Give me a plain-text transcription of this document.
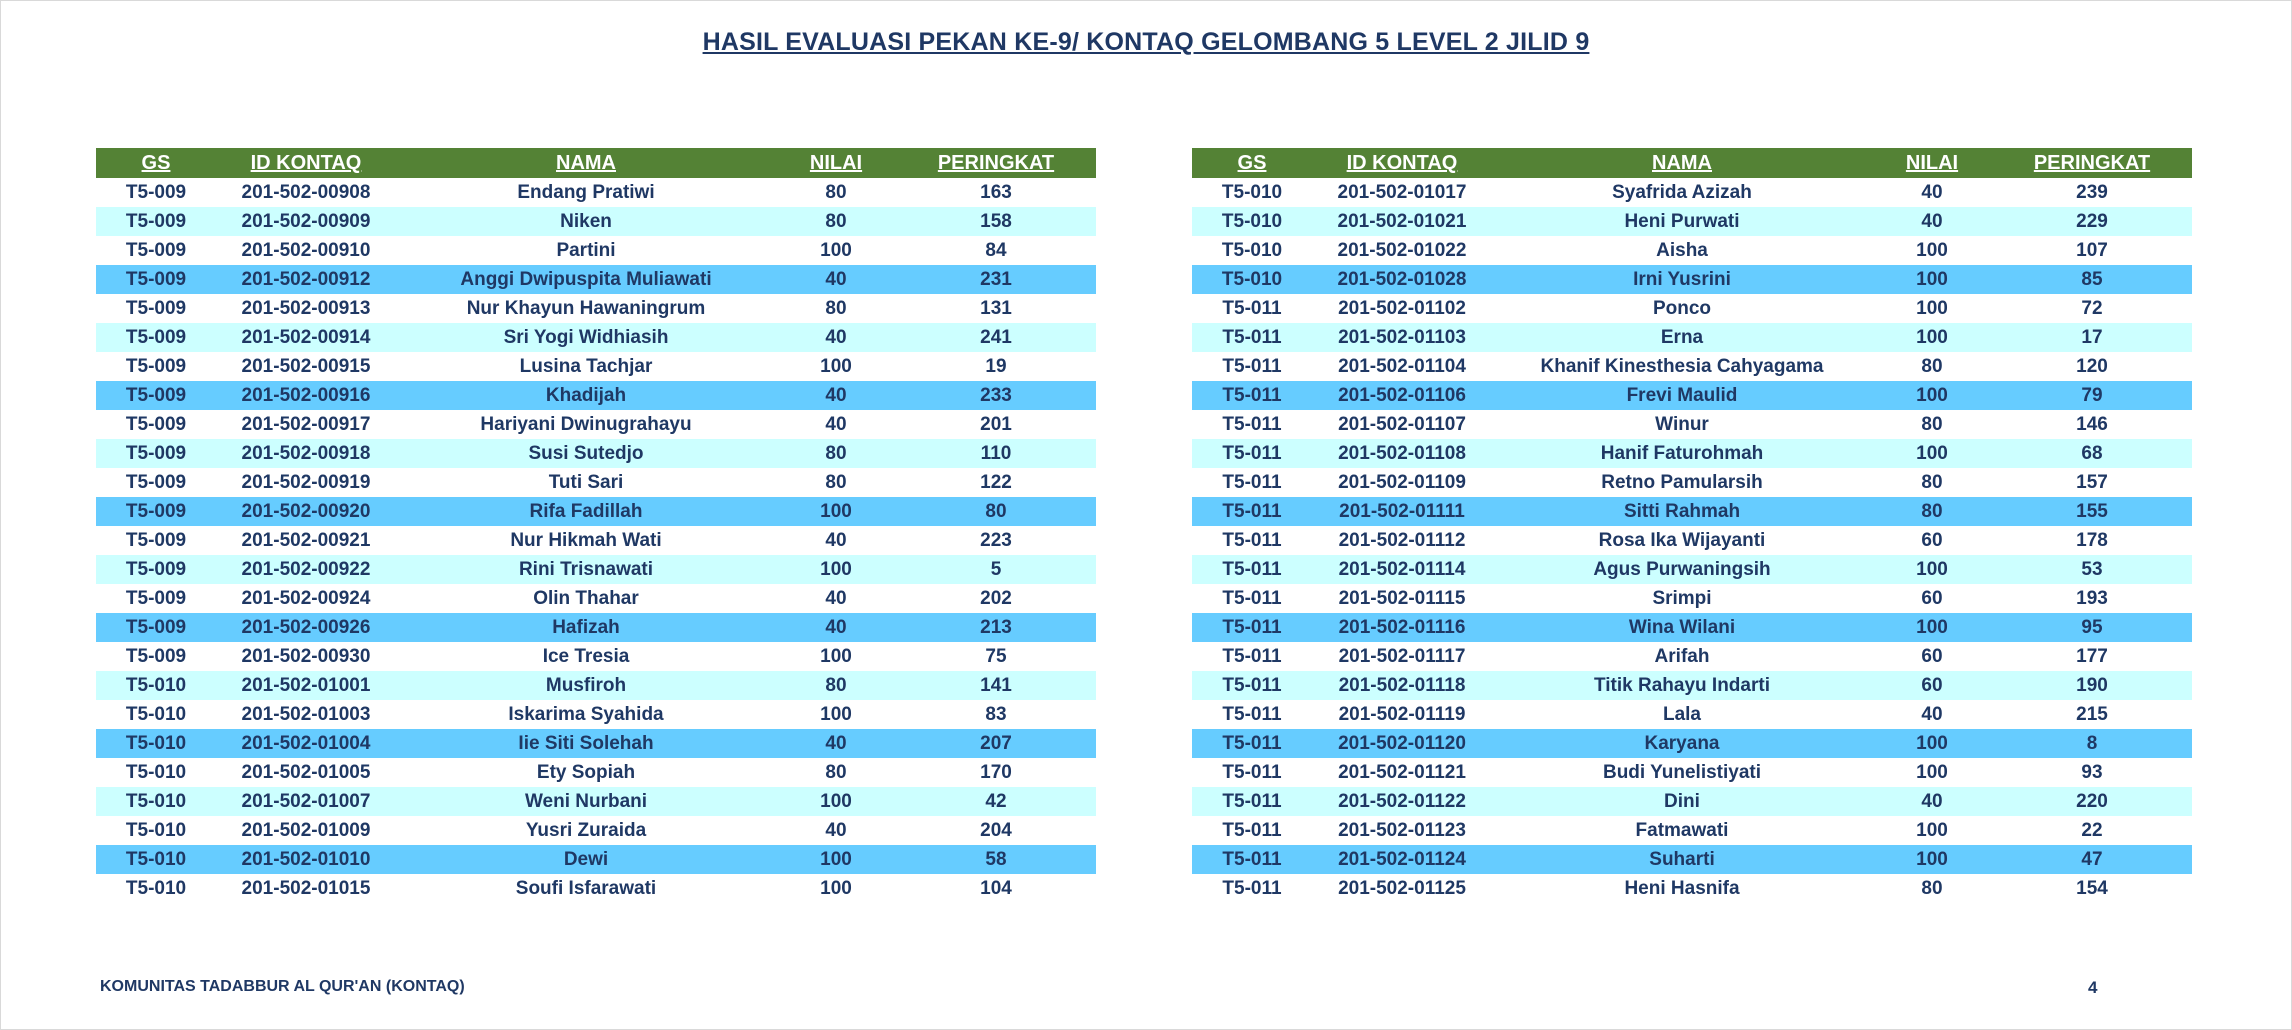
HASIL EVALUASI PEKAN KE-9/ KONTAQ GELOMBANG 5 LEVEL 2 JILID 9
GS	ID KONTAQ	NAMA	NILAI	PERINGKAT
T5-009	201-502-00908	Endang Pratiwi	80	163
T5-009	201-502-00909	Niken	80	158
T5-009	201-502-00910	Partini	100	84
T5-009	201-502-00912	Anggi Dwipuspita Muliawati	40	231
T5-009	201-502-00913	Nur Khayun Hawaningrum	80	131
T5-009	201-502-00914	Sri Yogi Widhiasih	40	241
T5-009	201-502-00915	Lusina Tachjar	100	19
T5-009	201-502-00916	Khadijah	40	233
T5-009	201-502-00917	Hariyani Dwinugrahayu	40	201
T5-009	201-502-00918	Susi Sutedjo	80	110
T5-009	201-502-00919	Tuti Sari	80	122
T5-009	201-502-00920	Rifa Fadillah	100	80
T5-009	201-502-00921	Nur Hikmah Wati	40	223
T5-009	201-502-00922	Rini Trisnawati	100	5
T5-009	201-502-00924	Olin Thahar	40	202
T5-009	201-502-00926	Hafizah	40	213
T5-009	201-502-00930	Ice Tresia	100	75
T5-010	201-502-01001	Musfiroh	80	141
T5-010	201-502-01003	Iskarima Syahida	100	83
T5-010	201-502-01004	Iie Siti Solehah	40	207
T5-010	201-502-01005	Ety Sopiah	80	170
T5-010	201-502-01007	Weni Nurbani	100	42
T5-010	201-502-01009	Yusri Zuraida	40	204
T5-010	201-502-01010	Dewi	100	58
T5-010	201-502-01015	Soufi Isfarawati	100	104
GS	ID KONTAQ	NAMA	NILAI	PERINGKAT
T5-010	201-502-01017	Syafrida Azizah	40	239
T5-010	201-502-01021	Heni Purwati	40	229
T5-010	201-502-01022	Aisha	100	107
T5-010	201-502-01028	Irni Yusrini	100	85
T5-011	201-502-01102	Ponco	100	72
T5-011	201-502-01103	Erna	100	17
T5-011	201-502-01104	Khanif Kinesthesia Cahyagama	80	120
T5-011	201-502-01106	Frevi Maulid	100	79
T5-011	201-502-01107	Winur	80	146
T5-011	201-502-01108	Hanif Faturohmah	100	68
T5-011	201-502-01109	Retno Pamularsih	80	157
T5-011	201-502-01111	Sitti Rahmah	80	155
T5-011	201-502-01112	Rosa Ika Wijayanti	60	178
T5-011	201-502-01114	Agus Purwaningsih	100	53
T5-011	201-502-01115	Srimpi	60	193
T5-011	201-502-01116	Wina Wilani	100	95
T5-011	201-502-01117	Arifah	60	177
T5-011	201-502-01118	Titik Rahayu Indarti	60	190
T5-011	201-502-01119	Lala	40	215
T5-011	201-502-01120	Karyana	100	8
T5-011	201-502-01121	Budi Yunelistiyati	100	93
T5-011	201-502-01122	Dini	40	220
T5-011	201-502-01123	Fatmawati	100	22
T5-011	201-502-01124	Suharti	100	47
T5-011	201-502-01125	Heni Hasnifa	80	154
KOMUNITAS TADABBUR AL QUR'AN (KONTAQ)	4
